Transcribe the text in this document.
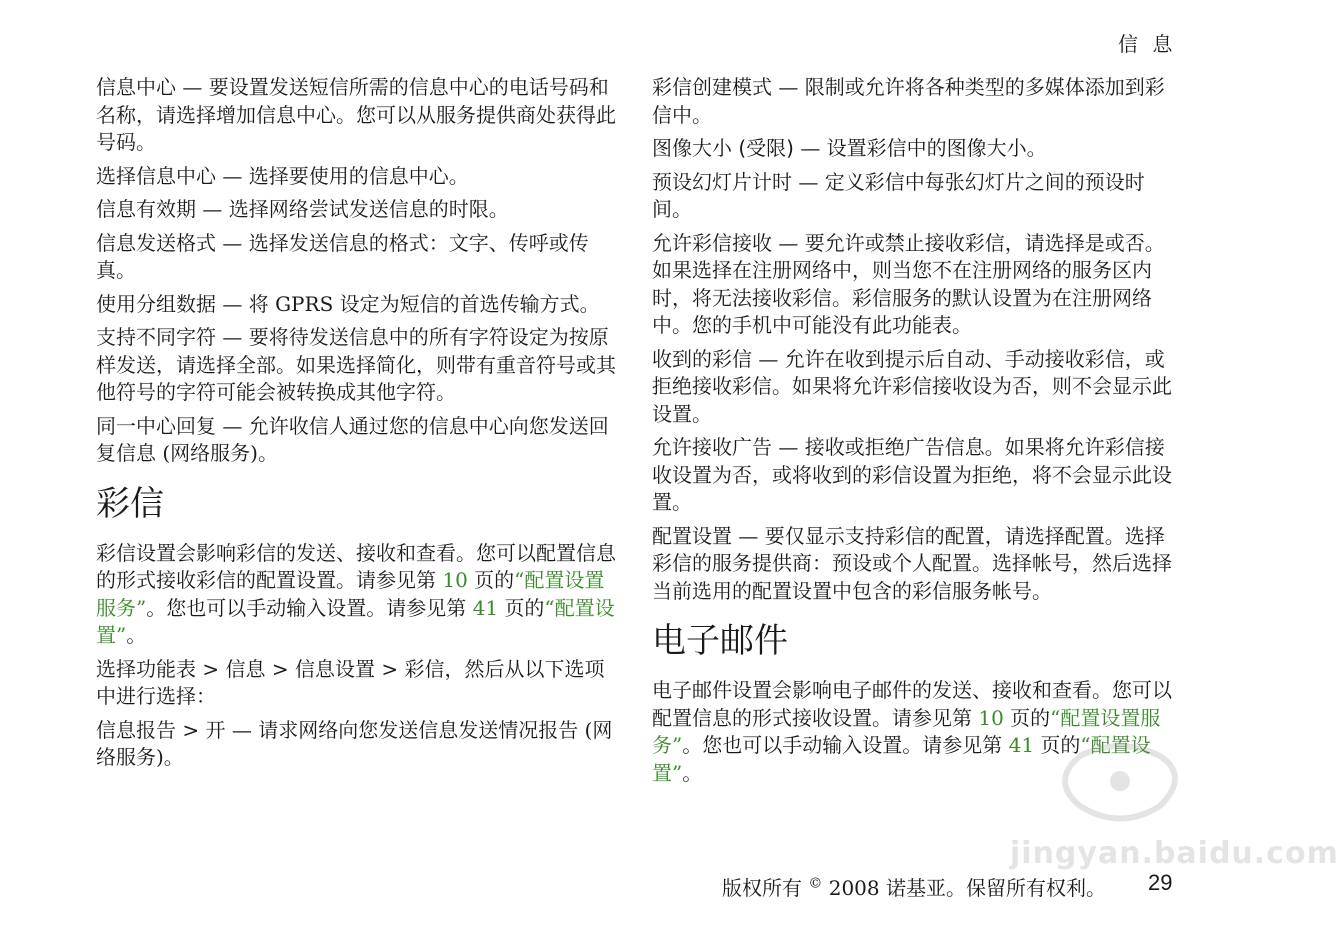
信 息

信息中心 — 要设置发送短信所需的信息中心的电话号码和名称，请选择增加信息中心。您可以从服务提供商处获得此号码。

选择信息中心 — 选择要使用的信息中心。

信息有效期 — 选择网络尝试发送信息的时限。

信息发送格式 — 选择发送信息的格式：文字、传呼或传真。

使用分组数据 — 将 GPRS 设定为短信的首选传输方式。

支持不同字符 — 要将待发送信息中的所有字符设定为按原样发送，请选择全部。如果选择简化，则带有重音符号或其他符号的字符可能会被转换成其他字符。

同一中心回复 — 允许收信人通过您的信息中心向您发送回复信息 (网络服务)。

彩信

彩信设置会影响彩信的发送、接收和查看。您可以配置信息的形式接收彩信的配置设置。请参见第 10 页的“配置设置服务”。您也可以手动输入设置。请参见第 41 页的“配置设置”。

选择功能表 > 信息 > 信息设置 > 彩信，然后从以下选项中进行选择：

信息报告 > 开 — 请求网络向您发送信息发送情况报告 (网络服务)。

彩信创建模式 — 限制或允许将各种类型的多媒体添加到彩信中。

图像大小 (受限) — 设置彩信中的图像大小。

预设幻灯片计时 — 定义彩信中每张幻灯片之间的预设时间。

允许彩信接收 — 要允许或禁止接收彩信，请选择是或否。如果选择在注册网络中，则当您不在注册网络的服务区内时，将无法接收彩信。彩信服务的默认设置为在注册网络中。您的手机中可能没有此功能表。

收到的彩信 — 允许在收到提示后自动、手动接收彩信，或拒绝接收彩信。如果将允许彩信接收设为否，则不会显示此设置。

允许接收广告 — 接收或拒绝广告信息。如果将允许彩信接收设置为否，或将收到的彩信设置为拒绝，将不会显示此设置。

配置设置 — 要仅显示支持彩信的配置，请选择配置。选择彩信的服务提供商：预设或个人配置。选择帐号，然后选择当前选用的配置设置中包含的彩信服务帐号。

电子邮件

电子邮件设置会影响电子邮件的发送、接收和查看。您可以配置信息的形式接收设置。请参见第 10 页的“配置设置服务”。您也可以手动输入设置。请参见第 41 页的“配置设置”。

jingyan.baidu.com
版权所有 © 2008 诺基亚。保留所有权利。 29
